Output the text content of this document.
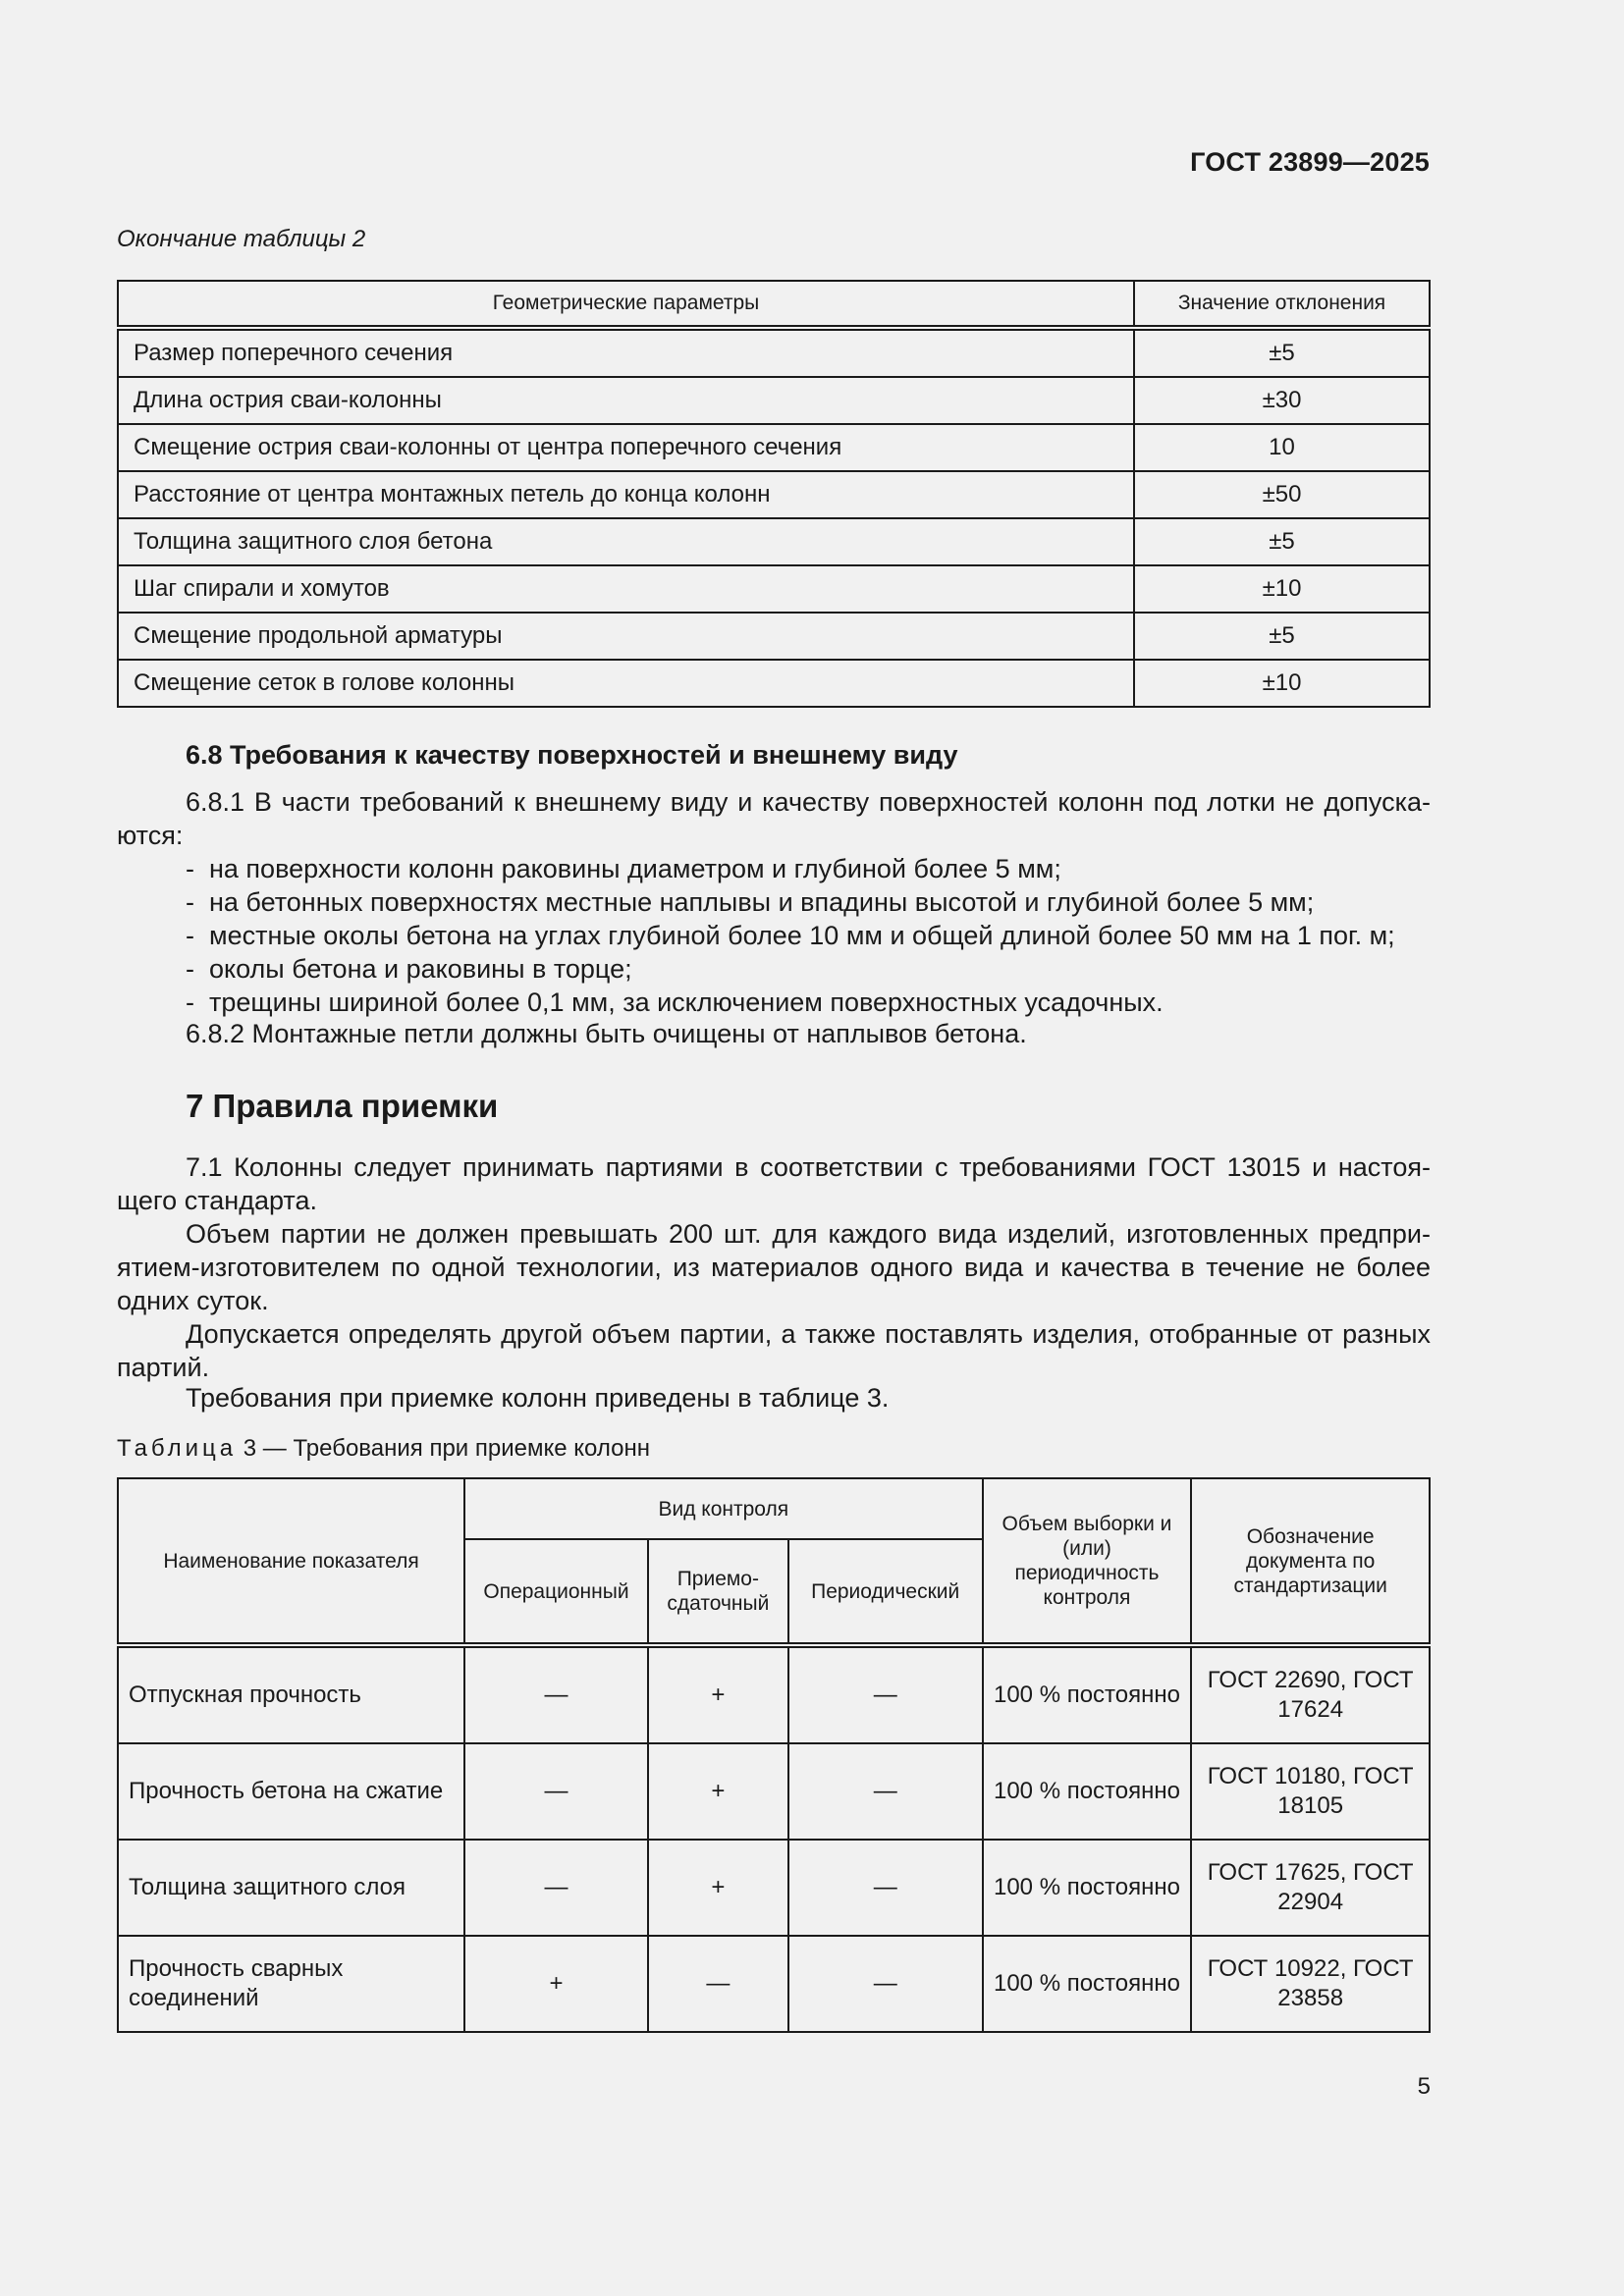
ГОСТ 23899—2025
Окончание таблицы 2
Геометрические параметры	Значение отклонения
Размер поперечного сечения	±5
Длина острия сваи-колонны	±30
Смещение острия сваи-колонны от центра поперечного сечения	10
Расстояние от центра монтажных петель до конца колонн	±50
Толщина защитного слоя бетона	±5
Шаг спирали и хомутов	±10
Смещение продольной арматуры	±5
Смещение сеток в голове колонны	±10
6.8 Требования к качеству поверхностей и внешнему виду
6.8.1 В части требований к внешнему виду и качеству поверхностей колонн под лотки не допуска-ются:
-  на поверхности колонн раковины диаметром и глубиной более 5 мм;
-  на бетонных поверхностях местные наплывы и впадины высотой и глубиной более 5 мм;
-  местные околы бетона на углах глубиной более 10 мм и общей длиной более 50 мм на 1 пог. м;
-  околы бетона и раковины в торце;
-  трещины шириной более 0,1 мм, за исключением поверхностных усадочных.
6.8.2 Монтажные петли должны быть очищены от наплывов бетона.
7 Правила приемки
7.1 Колонны следует принимать партиями в соответствии с требованиями ГОСТ 13015 и настоя-щего стандарта.
Объем партии не должен превышать 200 шт. для каждого вида изделий, изготовленных предпри-ятием-изготовителем по одной технологии, из материалов одного вида и качества в течение не более одних суток.
Допускается определять другой объем партии, а также поставлять изделия, отобранные от разных партий.
Требования при приемке колонн приведены в таблице 3.
Таблица 3 — Требования при приемке колонн
Наименование показателя	Вид контроля			Объем выборки и (или) периодичность контроля	Обозначение документа по стандартизации
	Операционный	Приемо-сдаточный	Периодический		
Отпускная прочность	—	+	—	100 % постоянно	ГОСТ 22690, ГОСТ 17624
Прочность бетона на сжатие	—	+	—	100 % постоянно	ГОСТ 10180, ГОСТ 18105
Толщина защитного слоя	—	+	—	100 % постоянно	ГОСТ 17625, ГОСТ 22904
Прочность сварных соединений	+	—	—	100 % постоянно	ГОСТ 10922, ГОСТ 23858
5
